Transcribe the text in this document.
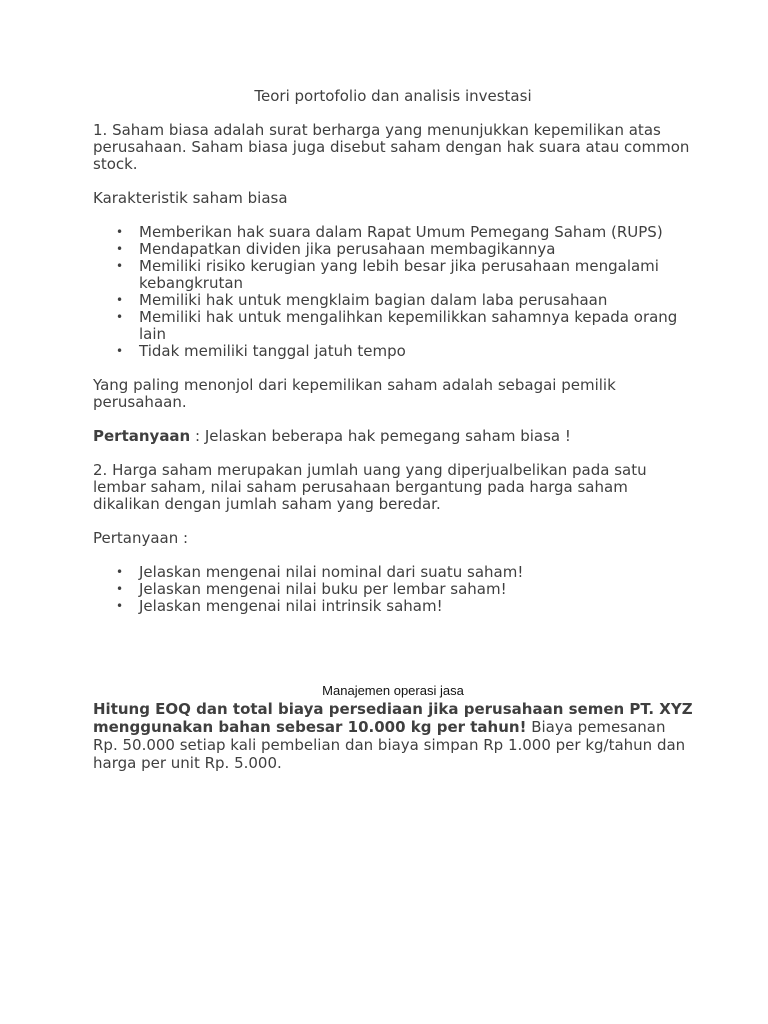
Teori portofolio dan analisis investasi

1. Saham biasa adalah surat berharga yang menunjukkan kepemilikan atas perusahaan. Saham biasa juga disebut saham dengan hak suara atau common stock.

Karakteristik saham biasa

• Memberikan hak suara dalam Rapat Umum Pemegang Saham (RUPS)
• Mendapatkan dividen jika perusahaan membagikannya
• Memiliki risiko kerugian yang lebih besar jika perusahaan mengalami kebangkrutan
• Memiliki hak untuk mengklaim bagian dalam laba perusahaan
• Memiliki hak untuk mengalihkan kepemilikkan sahamnya kepada orang lain
• Tidak memiliki tanggal jatuh tempo

Yang paling menonjol dari kepemilikan saham adalah sebagai pemilik perusahaan.

Pertanyaan : Jelaskan beberapa hak pemegang saham biasa !

2. Harga saham merupakan jumlah uang yang diperjualbelikan pada satu lembar saham, nilai saham perusahaan bergantung pada harga saham dikalikan dengan jumlah saham yang beredar.

Pertanyaan :

• Jelaskan mengenai nilai nominal dari suatu saham!
• Jelaskan mengenai nilai buku per lembar saham!
• Jelaskan mengenai nilai intrinsik saham!
Manajemen operasi jasa

Hitung EOQ dan total biaya persediaan jika perusahaan semen PT. XYZ menggunakan bahan sebesar 10.000 kg per tahun! Biaya pemesanan Rp. 50.000 setiap kali pembelian dan biaya simpan Rp 1.000 per kg/tahun dan harga per unit Rp. 5.000.
